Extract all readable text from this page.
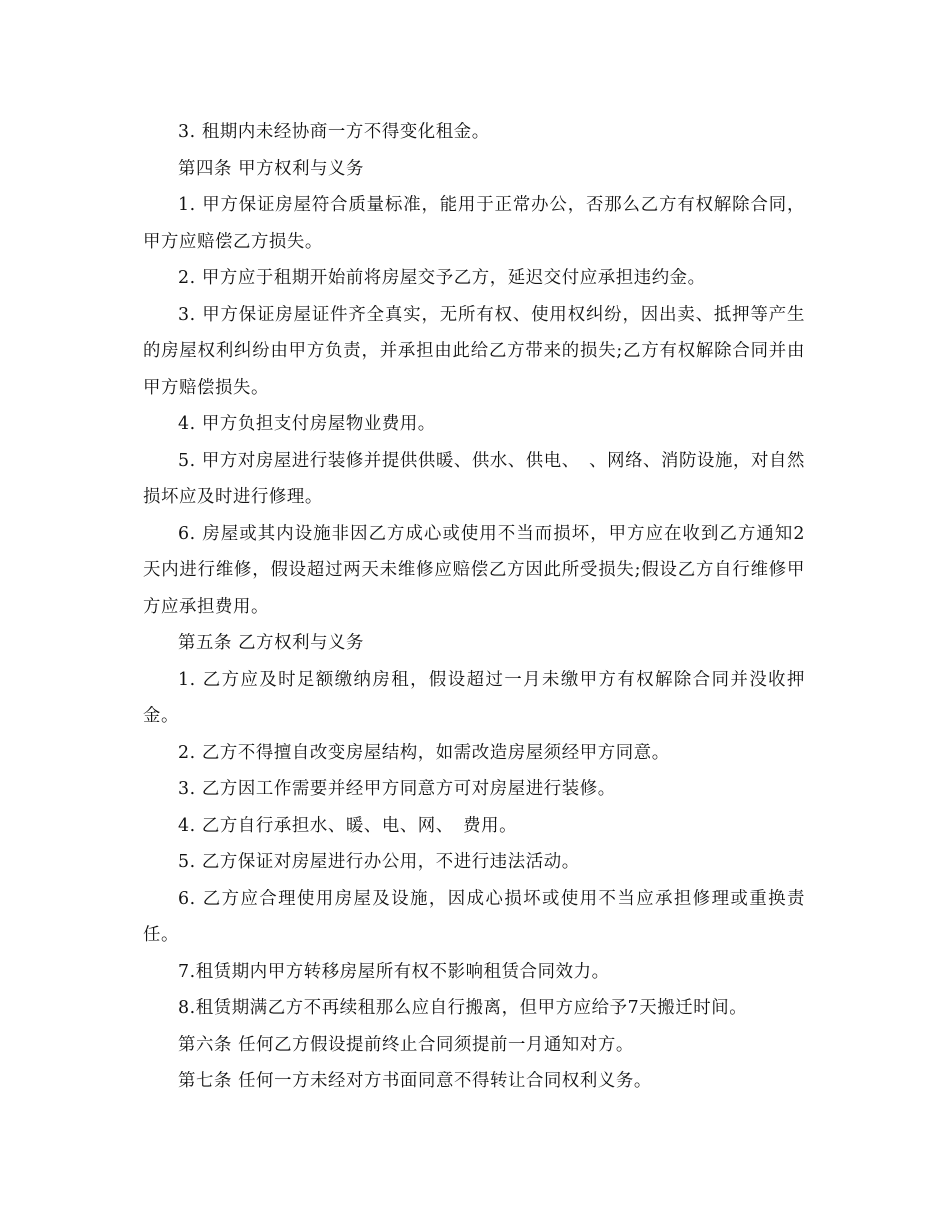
3. 租期内未经协商一方不得变化租金。

第四条 甲方权利与义务

1. 甲方保证房屋符合质量标准，能用于正常办公，否那么乙方有权解除合同，甲方应赔偿乙方损失。

2. 甲方应于租期开始前将房屋交予乙方，延迟交付应承担违约金。

3. 甲方保证房屋证件齐全真实，无所有权、使用权纠纷，因出卖、抵押等产生的房屋权利纠纷由甲方负责，并承担由此给乙方带来的损失;乙方有权解除合同并由甲方赔偿损失。

4. 甲方负担支付房屋物业费用。

5. 甲方对房屋进行装修并提供供暖、供水、供电、　、网络、消防设施，对自然损坏应及时进行修理。

6. 房屋或其内设施非因乙方成心或使用不当而损坏，甲方应在收到乙方通知2天内进行维修，假设超过两天未维修应赔偿乙方因此所受损失;假设乙方自行维修甲方应承担费用。

第五条 乙方权利与义务

1. 乙方应及时足额缴纳房租，假设超过一月未缴甲方有权解除合同并没收押金。

2. 乙方不得擅自改变房屋结构，如需改造房屋须经甲方同意。

3. 乙方因工作需要并经甲方同意方可对房屋进行装修。

4. 乙方自行承担水、暖、电、网、　费用。

5. 乙方保证对房屋进行办公用，不进行违法活动。

6. 乙方应合理使用房屋及设施，因成心损坏或使用不当应承担修理或重换责任。

7.租赁期内甲方转移房屋所有权不影响租赁合同效力。

8.租赁期满乙方不再续租那么应自行搬离，但甲方应给予7天搬迁时间。

第六条 任何乙方假设提前终止合同须提前一月通知对方。

第七条 任何一方未经对方书面同意不得转让合同权利义务。
